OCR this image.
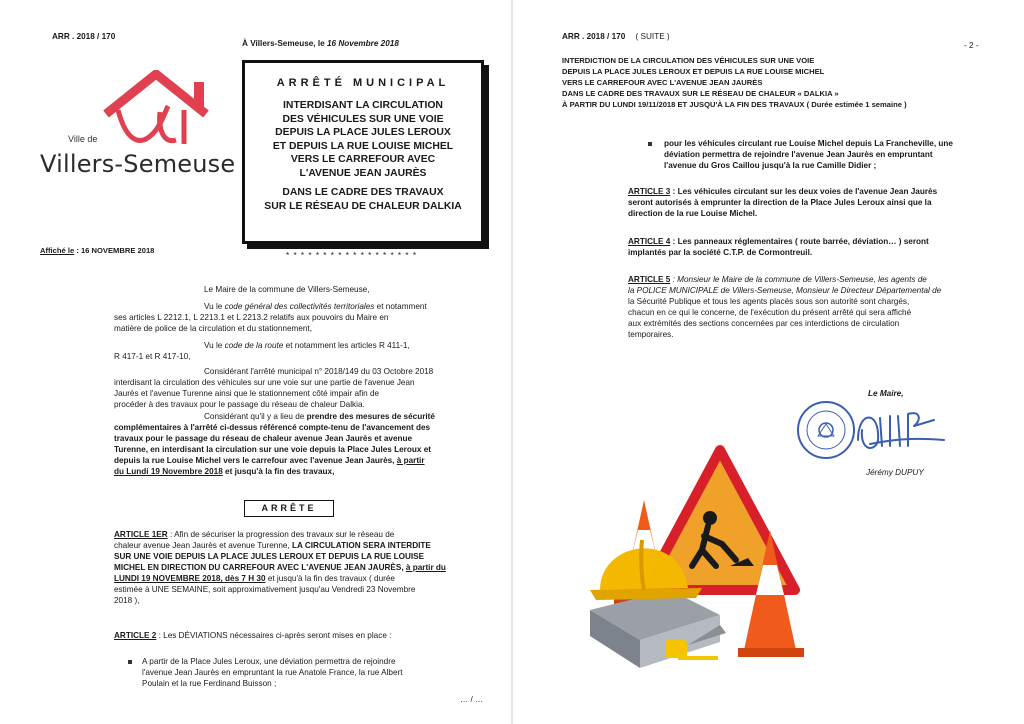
ARR . 2018 / 170
À Villers-Semeuse, le 16 Novembre 2018
Ville de
Villers-Semeuse
ARRÊTÉ MUNICIPAL
INTERDISANT LA CIRCULATION
DES VÉHICULES SUR UNE VOIE
DEPUIS LA PLACE JULES LEROUX
ET DEPUIS LA RUE LOUISE MICHEL
VERS LE CARREFOUR AVEC
L'AVENUE JEAN JAURÈS
DANS LE CADRE DES TRAVAUX
SUR LE RÉSEAU DE CHALEUR DALKIA
Affiché le : 16 NOVEMBRE 2018
* * * * * * * * * * * * * * * * * *
Le Maire de la commune de Villers-Semeuse,
Vu le code général des collectivités territoriales et notamment
ses articles L 2212.1, L 2213.1 et L 2213.2 relatifs aux pouvoirs du Maire en
matière de police de la circulation et du stationnement,
Vu le code de la route et notamment les articles R 411-1,
R 417-1 et R 417-10,
Considérant l'arrêté municipal n° 2018/149 du 03 Octobre 2018
interdisant la circulation des véhicules sur une voie sur une partie de l'avenue Jean
Jaurès et l'avenue Turenne ainsi que le stationnement côté impair afin de
procéder à des travaux pour le passage du réseau de chaleur Dalkia.
Considérant qu'il y a lieu de prendre des mesures de sécurité
complémentaires à l'arrêté ci-dessus référencé compte-tenu de l'avancement des
travaux pour le passage du réseau de chaleur avenue Jean Jaurès et avenue
Turenne, en interdisant la circulation sur une voie depuis la Place Jules Leroux et
depuis la rue Louise Michel vers le carrefour avec l'avenue Jean Jaurès, à partir
du Lundi 19 Novembre 2018 et jusqu'à la fin des travaux,
ARRÊTE
ARTICLE 1ER : Afin de sécuriser la progression des travaux sur le réseau de
chaleur avenue Jean Jaurès et avenue Turenne, LA CIRCULATION SERA INTERDITE
SUR UNE VOIE DEPUIS LA PLACE JULES LEROUX ET DEPUIS LA RUE LOUISE
MICHEL EN DIRECTION DU CARREFOUR AVEC L'AVENUE JEAN JAURÈS, à partir du
LUNDI 19 NOVEMBRE 2018, dès 7 H 30 et jusqu'à la fin des travaux ( durée
estimée à UNE SEMAINE, soit approximativement jusqu'au Vendredi 23 Novembre
2018 ),
ARTICLE 2 : Les DÉVIATIONS nécessaires ci-après seront mises en place :
A partir de la Place Jules Leroux, une déviation permettra de rejoindre
l'avenue Jean Jaurès en empruntant la rue Anatole France, la rue Albert
Poulain et la rue Ferdinand Buisson ;
… / …
ARR . 2018 / 170 ( SUITE )
- 2 -
INTERDICTION DE LA CIRCULATION DES VÉHICULES SUR UNE VOIE
DEPUIS LA PLACE JULES LEROUX ET DEPUIS LA RUE LOUISE MICHEL
VERS LE CARREFOUR AVEC L'AVENUE JEAN JAURÈS
DANS LE CADRE DES TRAVAUX SUR LE RÉSEAU DE CHALEUR « DALKIA »
À PARTIR DU LUNDI 19/11/2018 ET JUSQU'À LA FIN DES TRAVAUX ( Durée estimée 1 semaine )
pour les véhicules circulant rue Louise Michel depuis La Francheville, une
déviation permettra de rejoindre l'avenue Jean Jaurès en empruntant
l'avenue du Gros Caillou jusqu'à la rue Camille Didier ;
ARTICLE 3 : Les véhicules circulant sur les deux voies de l'avenue Jean Jaurès
seront autorisés à emprunter la direction de la Place Jules Leroux ainsi que la
direction de la rue Louise Michel.
ARTICLE 4 : Les panneaux réglementaires ( route barrée, déviation… ) seront
implantés par la société C.T.P. de Cormontreuil.
ARTICLE 5 : Monsieur le Maire de la commune de Villers-Semeuse, les agents de
la POLICE MUNICIPALE de Villers-Semeuse, Monsieur le Directeur Départemental de
la Sécurité Publique et tous les agents placés sous son autorité sont chargés,
chacun en ce qui le concerne, de l'exécution du présent arrêté qui sera affiché
aux extrémités des sections concernées par ces interdictions de circulation
temporaires.
Le Maire,
Jérémy DUPUY
